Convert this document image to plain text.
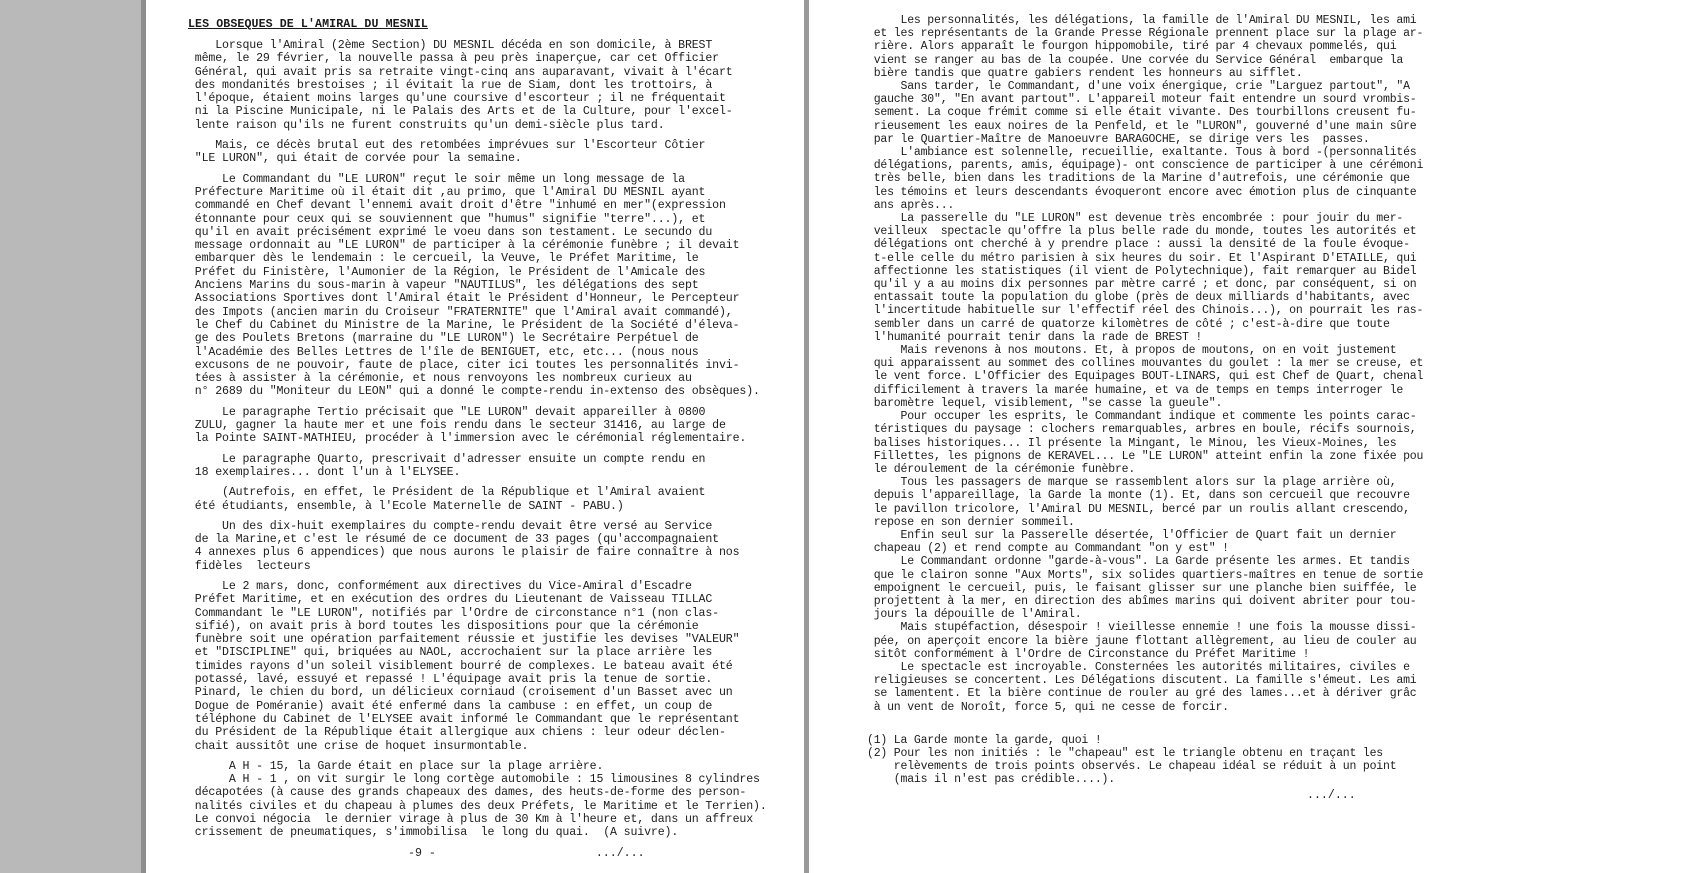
LES OBSEQUES DE L'AMIRAL DU MESNIL
Lorsque l'Amiral (2ème Section) DU MESNIL décéda en son domicile, à BREST
même, le 29 février, la nouvelle passa à peu près inaperçue, car cet Officier
Général, qui avait pris sa retraite vingt-cinq ans auparavant, vivait à l'écart
des mondanités brestoises ; il évitait la rue de Siam, dont les trottoirs, à
l'époque, étaient moins larges qu'une coursive d'escorteur ; il ne fréquentait
ni la Piscine Municipale, ni le Palais des Arts et de la Culture, pour l'excel-
lente raison qu'ils ne furent construits qu'un demi-siècle plus tard.
Mais, ce décès brutal eut des retombées imprévues sur l'Escorteur Côtier
"LE LURON", qui était de corvée pour la semaine.
Le Commandant du "LE LURON" reçut le soir même un long message de la
Préfecture Maritime où il était dit ,au primo, que l'Amiral DU MESNIL ayant
commandé en Chef devant l'ennemi avait droit d'être "inhumé en mer"(expression
étonnante pour ceux qui se souviennent que "humus" signifie "terre"...), et
qu'il en avait précisément exprimé le voeu dans son testament. Le secundo du
message ordonnait au "LE LURON" de participer à la cérémonie funèbre ; il devait
embarquer dès le lendemain : le cercueil, la Veuve, le Préfet Maritime, le
Préfet du Finistère, l'Aumonier de la Région, le Président de l'Amicale des
Anciens Marins du sous-marin à vapeur "NAUTILUS", les délégations des sept
Associations Sportives dont l'Amiral était le Président d'Honneur, le Percepteur
des Impots (ancien marin du Croiseur "FRATERNITE" que l'Amiral avait commandé),
le Chef du Cabinet du Ministre de la Marine, le Président de la Société d'éleva-
ge des Poulets Bretons (marraine du "LE LURON") le Secrétaire Perpétuel de
l'Académie des Belles Lettres de l'île de BENIGUET, etc, etc... (nous nous
excusons de ne pouvoir, faute de place, citer ici toutes les personnalités invi-
tées à assister à la cérémonie, et nous renvoyons les nombreux curieux au
n° 2689 du "Moniteur du LEON" qui a donné le compte-rendu in-extenso des obsèques).
Le paragraphe Tertio précisait que "LE LURON" devait appareiller à 0800
ZULU, gagner la haute mer et une fois rendu dans le secteur 31416, au large de
la Pointe SAINT-MATHIEU, procéder à l'immersion avec le cérémonial réglementaire.
Le paragraphe Quarto, prescrivait d'adresser ensuite un compte rendu en
18 exemplaires... dont l'un à l'ELYSEE.
(Autrefois, en effet, le Président de la République et l'Amiral avaient
été étudiants, ensemble, à l'Ecole Maternelle de SAINT - PABU.)
Un des dix-huit exemplaires du compte-rendu devait être versé au Service
de la Marine,et c'est le résumé de ce document de 33 pages (qu'accompagnaient
4 annexes plus 6 appendices) que nous aurons le plaisir de faire connaître à nos
fidèles  lecteurs
Le 2 mars, donc, conformément aux directives du Vice-Amiral d'Escadre
Préfet Maritime, et en exécution des ordres du Lieutenant de Vaisseau TILLAC
Commandant le "LE LURON", notifiés par l'Ordre de circonstance n°1 (non clas-
sifié), on avait pris à bord toutes les dispositions pour que la cérémonie
funèbre soit une opération parfaitement réussie et justifie les devises "VALEUR"
et "DISCIPLINE" qui, briquées au NAOL, accrochaient sur la place arrière les
timides rayons d'un soleil visiblement bourré de complexes. Le bateau avait été
potassé, lavé, essuyé et repassé ! L'équipage avait pris la tenue de sortie.
Pinard, le chien du bord, un délicieux corniaud (croisement d'un Basset avec un
Dogue de Poméranie) avait été enfermé dans la cambuse : en effet, un coup de
téléphone du Cabinet de l'ELYSEE avait informé le Commandant que le représentant
du Président de la République était allergique aux chiens : leur odeur déclen-
chait aussitôt une crise de hoquet insurmontable.
A H - 15, la Garde était en place sur la plage arrière.
A H - 1 , on vit surgir le long cortège automobile : 15 limousines 8 cylindres
décapotées (à cause des grands chapeaux des dames, des heuts-de-forme des person-
nalités civiles et du chapeau à plumes des deux Préfets, le Maritime et le Terrien).
Le convoi négocia  le dernier virage à plus de 30 Km à l'heure et, dans un affreux
crissement de pneumatiques, s'immobilisa  le long du quai.  (A suivre).
-9 -	.../...
Les personnalités, les délégations, la famille de l'Amiral DU MESNIL, les ami
et les représentants de la Grande Presse Régionale prennent place sur la plage ar-
rière. Alors apparaît le fourgon hippomobile, tiré par 4 chevaux pommelés, qui
vient se ranger au bas de la coupée. Une corvée du Service Général  embarque la
bière tandis que quatre gabiers rendent les honneurs au sifflet.
Sans tarder, le Commandant, d'une voix énergique, crie "Larguez partout", "A
gauche 30", "En avant partout". L'appareil moteur fait entendre un sourd vrombis-
sement. La coque frémit comme si elle était vivante. Des tourbillons creusent fu-
rieusement les eaux noires de la Penfeld, et le "LURON", gouverné d'une main sûre
par le Quartier-Maître de Manoeuvre BARAGOCHE, se dirige vers les  passes.
L'ambiance est solennelle, recueillie, exaltante. Tous à bord -(personnalités
délégations, parents, amis, équipage)- ont conscience de participer à une cérémoni
très belle, bien dans les traditions de la Marine d'autrefois, une cérémonie que
les témoins et leurs descendants évoqueront encore avec émotion plus de cinquante
ans après...
La passerelle du "LE LURON" est devenue très encombrée : pour jouir du mer-
veilleux  spectacle qu'offre la plus belle rade du monde, toutes les autorités et
délégations ont cherché à y prendre place : aussi la densité de la foule évoque-
t-elle celle du métro parisien à six heures du soir. Et l'Aspirant D'ETAILLE, qui
affectionne les statistiques (il vient de Polytechnique), fait remarquer au Bidel
qu'il y a au moins dix personnes par mètre carré ; et donc, par conséquent, si on
entassait toute la population du globe (près de deux milliards d'habitants, avec
l'incertitude habituelle sur l'effectif réel des Chinois...), on pourrait les ras-
sembler dans un carré de quatorze kilomètres de côté ; c'est-à-dire que toute
l'humanité pourrait tenir dans la rade de BREST !
Mais revenons à nos moutons. Et, à propos de moutons, on en voit justement
qui apparaissent au sommet des collines mouvantes du goulet : la mer se creuse, et
le vent force. L'Officier des Equipages BOUT-LINARS, qui est Chef de Quart, chenal
difficilement à travers la marée humaine, et va de temps en temps interroger le
baromètre lequel, visiblement, "se casse la gueule".
Pour occuper les esprits, le Commandant indique et commente les points carac-
téristiques du paysage : clochers remarquables, arbres en boule, récifs sournois,
balises historiques... Il présente la Mingant, le Minou, les Vieux-Moines, les
Fillettes, les pignons de KERAVEL... Le "LE LURON" atteint enfin la zone fixée pou
le déroulement de la cérémonie funèbre.
Tous les passagers de marque se rassemblent alors sur la plage arrière où,
depuis l'appareillage, la Garde la monte (1). Et, dans son cercueil que recouvre
le pavillon tricolore, l'Amiral DU MESNIL, bercé par un roulis allant crescendo,
repose en son dernier sommeil.
Enfin seul sur la Passerelle désertée, l'Officier de Quart fait un dernier
chapeau (2) et rend compte au Commandant "on y est" !
Le Commandant ordonne "garde-à-vous". La Garde présente les armes. Et tandis
que le clairon sonne "Aux Morts", six solides quartiers-maîtres en tenue de sortie
empoignent le cercueil, puis, le faisant glisser sur une planche bien suiffée, le
projettent à la mer, en direction des abîmes marins qui doivent abriter pour tou-
jours la dépouille de l'Amiral.
Mais stupéfaction, désespoir ! vieillesse ennemie ! une fois la mousse dissi-
pée, on aperçoit encore la bière jaune flottant allègrement, au lieu de couler au
sitôt conformément à l'Ordre de Circonstance du Préfet Maritime !
Le spectacle est incroyable. Consternées les autorités militaires, civiles e
religieuses se concertent. Les Délégations discutent. La famille s'émeut. Les ami
se lamentent. Et la bière continue de rouler au gré des lames...et à dériver grâc
à un vent de Noroît, force 5, qui ne cesse de forcir.
(1) La Garde monte la garde, quoi !
(2) Pour les non initiés : le "chapeau" est le triangle obtenu en traçant les
relèvements de trois points observés. Le chapeau idéal se réduit à un point
(mais il n'est pas crédible....).
.../...
